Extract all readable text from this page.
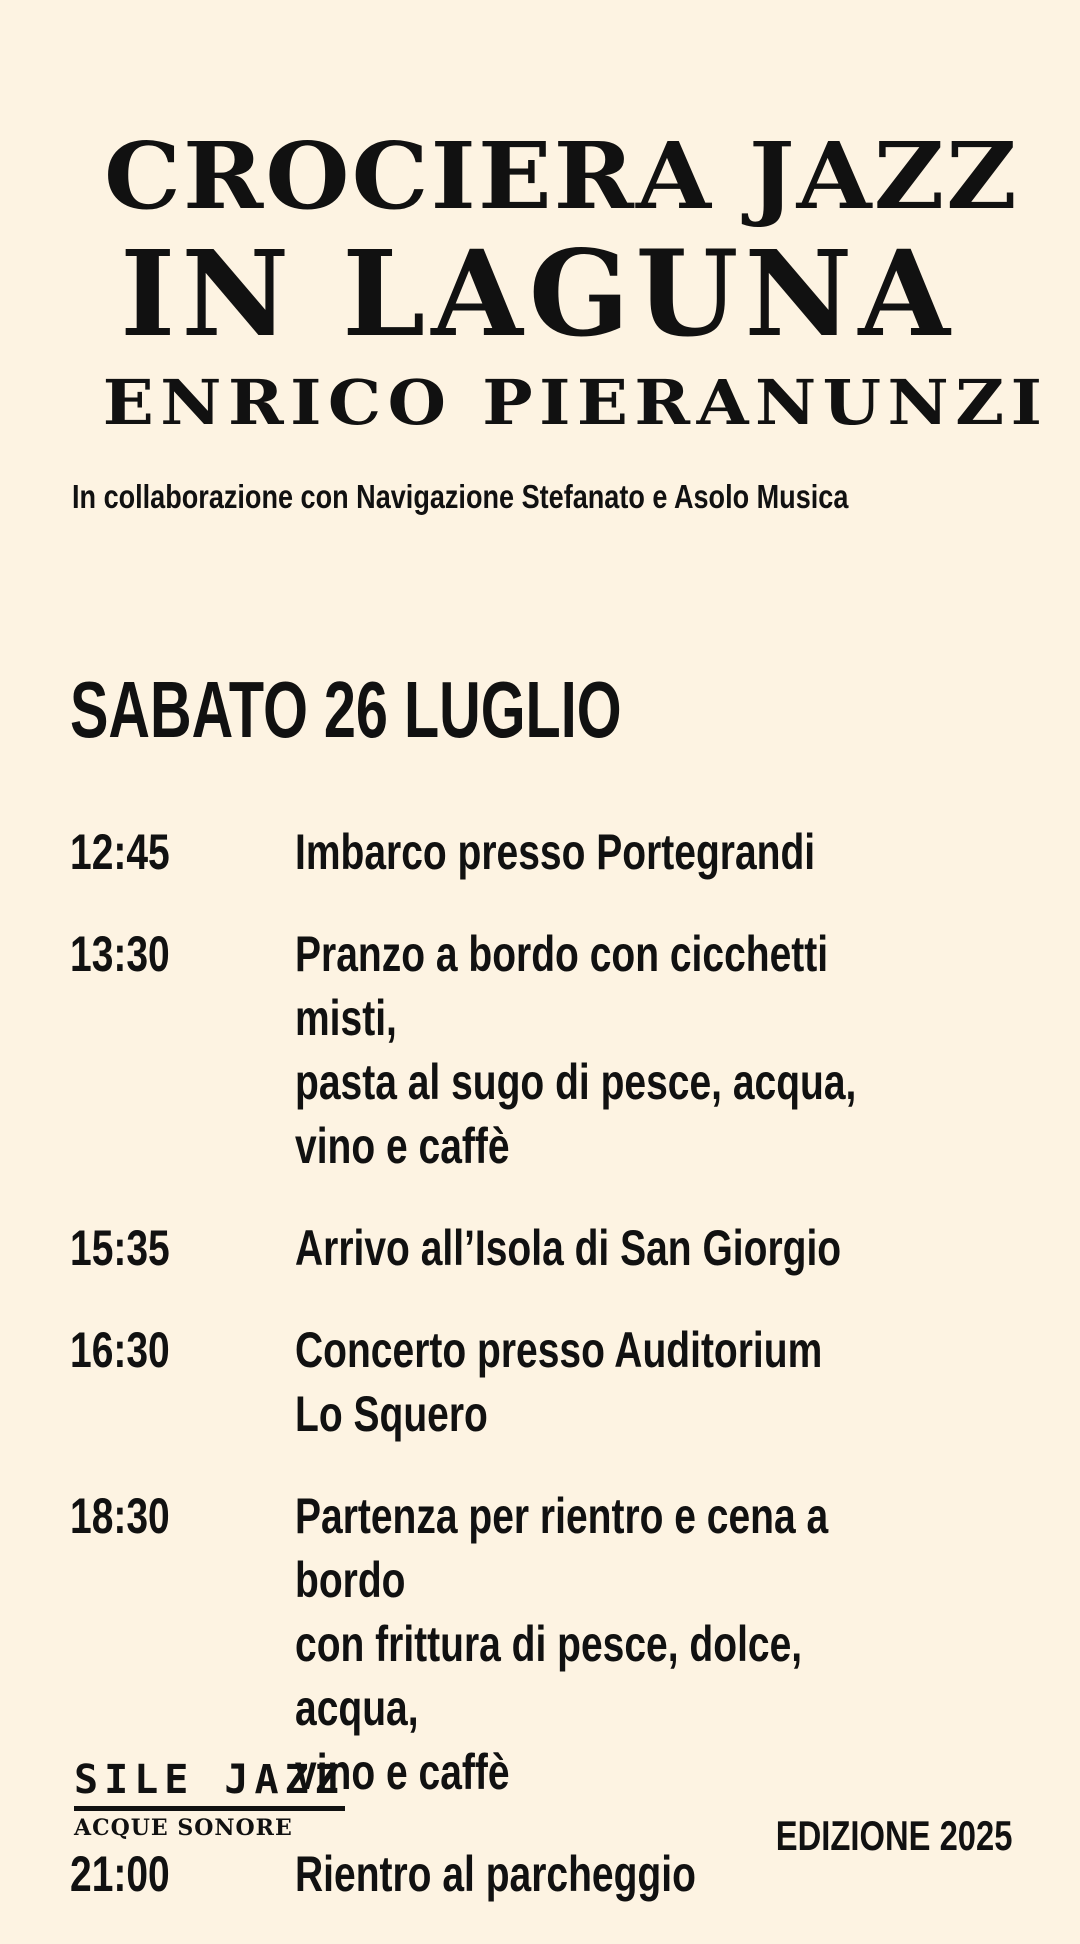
CROCIERA JAZZ
IN LAGUNA
ENRICO PIERANUNZI
In collaborazione con Navigazione Stefanato e Asolo Musica
SABATO 26 LUGLIO
12:45	Imbarco presso Portegrandi
13:30	Pranzo a bordo con cicchetti misti,
pasta al sugo di pesce, acqua,
vino e caffè
15:35	Arrivo all’Isola di San Giorgio
16:30	Concerto presso Auditorium Lo Squero
18:30	Partenza per rientro e cena a bordo
con frittura di pesce, dolce, acqua,
vino e caffè
21:00	Rientro al parcheggio
SILE JAZZ
ACQUE SONORE	EDIZIONE 2025
